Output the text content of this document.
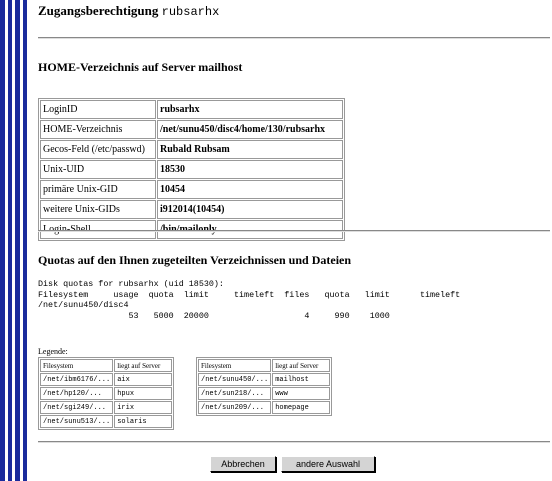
Zugangsberechtigung rubsarhx
HOME-Verzeichnis auf Server mailhost
LoginID	rubsarhx
HOME-Verzeichnis	/net/sunu450/disc4/home/130/rubsarhx
Gecos-Feld (/etc/passwd)	Rubald Rubsam
Unix-UID	18530
primäre Unix-GID	10454
weitere Unix-GIDs	i912014(10454)
Login-Shell	/bin/mailonly
Quotas auf den Ihnen zugeteilten Verzeichnissen und Dateien
Disk quotas for rubsarhx (uid 18530):
Filesystem     usage  quota  limit     timeleft  files   quota   limit      timeleft
/net/sunu450/disc4
53   5000  20000                   4     990    1000
Legende:
Filesystem	liegt auf Server
/net/ibm6176/...	aix
/net/hp120/...	hpux
/net/sgi249/...	irix
/net/sunu513/...	solaris
Filesystem	liegt auf Server
/net/sunu450/...	mailhost
/net/sun218/...	www
/net/sun209/...	homepage
Abbrechen	andere Auswahl
